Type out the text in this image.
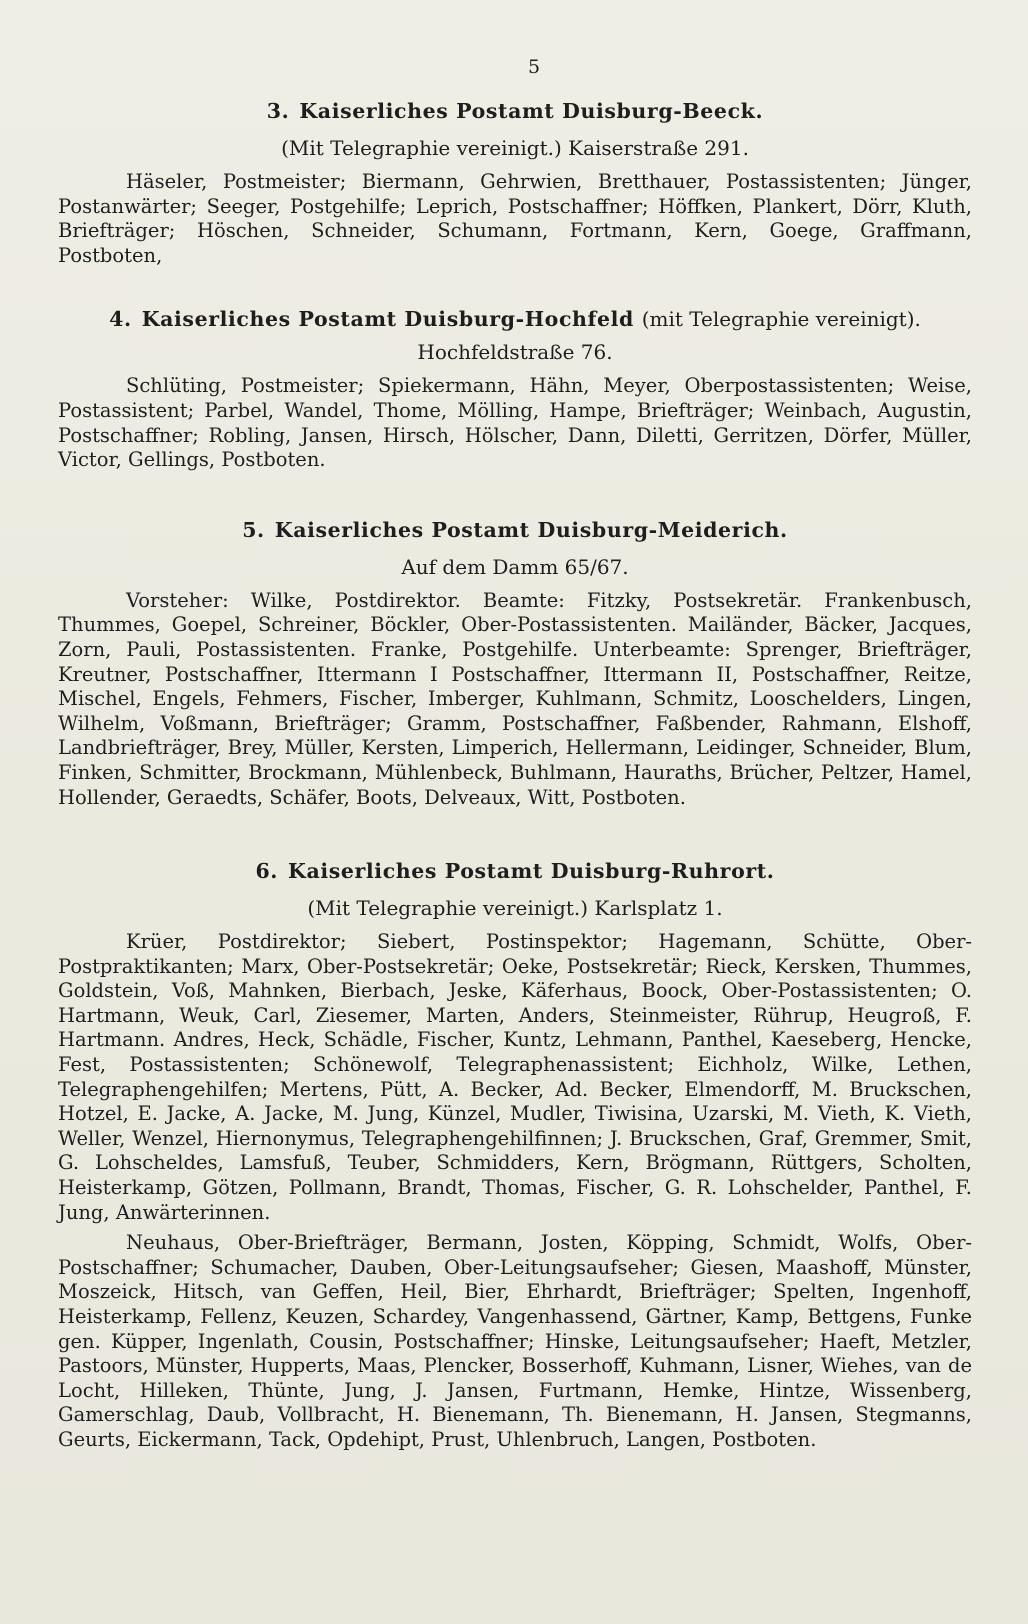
5
3. Kaiserliches Postamt Duisburg-Beeck.
(Mit Telegraphie vereinigt.) Kaiserstraße 291.

Häseler, Postmeister; Biermann, Gehrwien, Bretthauer, Postassistenten; Jünger, Postanwärter; Seeger, Postgehilfe; Leprich, Postschaffner; Höffken, Plankert, Dörr, Kluth, Briefträger; Höschen, Schneider, Schumann, Fortmann, Kern, Goege, Graffmann, Postboten,

4. Kaiserliches Postamt Duisburg-Hochfeld (mit Telegraphie vereinigt).
Hochfeldstraße 76.

Schlüting, Postmeister; Spiekermann, Hähn, Meyer, Oberpostassistenten; Weise, Postassistent; Parbel, Wandel, Thome, Mölling, Hampe, Briefträger; Weinbach, Augustin, Postschaffner; Robling, Jansen, Hirsch, Hölscher, Dann, Diletti, Gerritzen, Dörfer, Müller, Victor, Gellings, Postboten.

5. Kaiserliches Postamt Duisburg-Meiderich.
Auf dem Damm 65/67.

Vorsteher: Wilke, Postdirektor. Beamte: Fitzky, Postsekretär. Frankenbusch, Thummes, Goepel, Schreiner, Böckler, Ober-Postassistenten. Mailänder, Bäcker, Jacques, Zorn, Pauli, Postassistenten. Franke, Postgehilfe. Unterbeamte: Sprenger, Briefträger, Kreutner, Postschaffner, Ittermann I Postschaffner, Ittermann II, Postschaffner, Reitze, Mischel, Engels, Fehmers, Fischer, Imberger, Kuhlmann, Schmitz, Looschelders, Lingen, Wilhelm, Voßmann, Briefträger; Gramm, Postschaffner, Faßbender, Rahmann, Elshoff, Landbriefträger, Brey, Müller, Kersten, Limperich, Hellermann, Leidinger, Schneider, Blum, Finken, Schmitter, Brockmann, Mühlenbeck, Buhlmann, Hauraths, Brücher, Peltzer, Hamel, Hollender, Geraedts, Schäfer, Boots, Delveaux, Witt, Postboten.

6. Kaiserliches Postamt Duisburg-Ruhrort.
(Mit Telegraphie vereinigt.) Karlsplatz 1.

Krüer, Postdirektor; Siebert, Postinspektor; Hagemann, Schütte, Ober-Postpraktikanten; Marx, Ober-Postsekretär; Oeke, Postsekretär; Rieck, Kersken, Thummes, Goldstein, Voß, Mahnken, Bierbach, Jeske, Käferhaus, Boock, Ober-Postassistenten; O. Hartmann, Weuk, Carl, Ziesemer, Marten, Anders, Steinmeister, Rührup, Heugroß, F. Hartmann. Andres, Heck, Schädle, Fischer, Kuntz, Lehmann, Panthel, Kaeseberg, Hencke, Fest, Postassistenten; Schönewolf, Telegraphenassistent; Eichholz, Wilke, Lethen, Telegraphengehilfen; Mertens, Pütt, A. Becker, Ad. Becker, Elmendorff, M. Bruckschen, Hotzel, E. Jacke, A. Jacke, M. Jung, Künzel, Mudler, Tiwisina, Uzarski, M. Vieth, K. Vieth, Weller, Wenzel, Hiernonymus, Telegraphengehilfinnen; J. Bruckschen, Graf, Gremmer, Smit, G. Lohscheldes, Lamsfuß, Teuber, Schmidders, Kern, Brögmann, Rüttgers, Scholten, Heisterkamp, Götzen, Pollmann, Brandt, Thomas, Fischer, G. R. Lohschelder, Panthel, F. Jung, Anwärterinnen.

Neuhaus, Ober-Briefträger, Bermann, Josten, Köpping, Schmidt, Wolfs, Ober-Postschaffner; Schumacher, Dauben, Ober-Leitungsaufseher; Giesen, Maashoff, Münster, Moszeick, Hitsch, van Geffen, Heil, Bier, Ehrhardt, Briefträger; Spelten, Ingenhoff, Heisterkamp, Fellenz, Keuzen, Schardey, Vangenhassend, Gärtner, Kamp, Bettgens, Funke gen. Küpper, Ingenlath, Cousin, Postschaffner; Hinske, Leitungsaufseher; Haeft, Metzler, Pastoors, Münster, Hupperts, Maas, Plencker, Bosserhoff, Kuhmann, Lisner, Wiehes, van de Locht, Hilleken, Thünte, Jung, J. Jansen, Furtmann, Hemke, Hintze, Wissenberg, Gamerschlag, Daub, Vollbracht, H. Bienemann, Th. Bienemann, H. Jansen, Stegmanns, Geurts, Eickermann, Tack, Opdehipt, Prust, Uhlenbruch, Langen, Postboten.
